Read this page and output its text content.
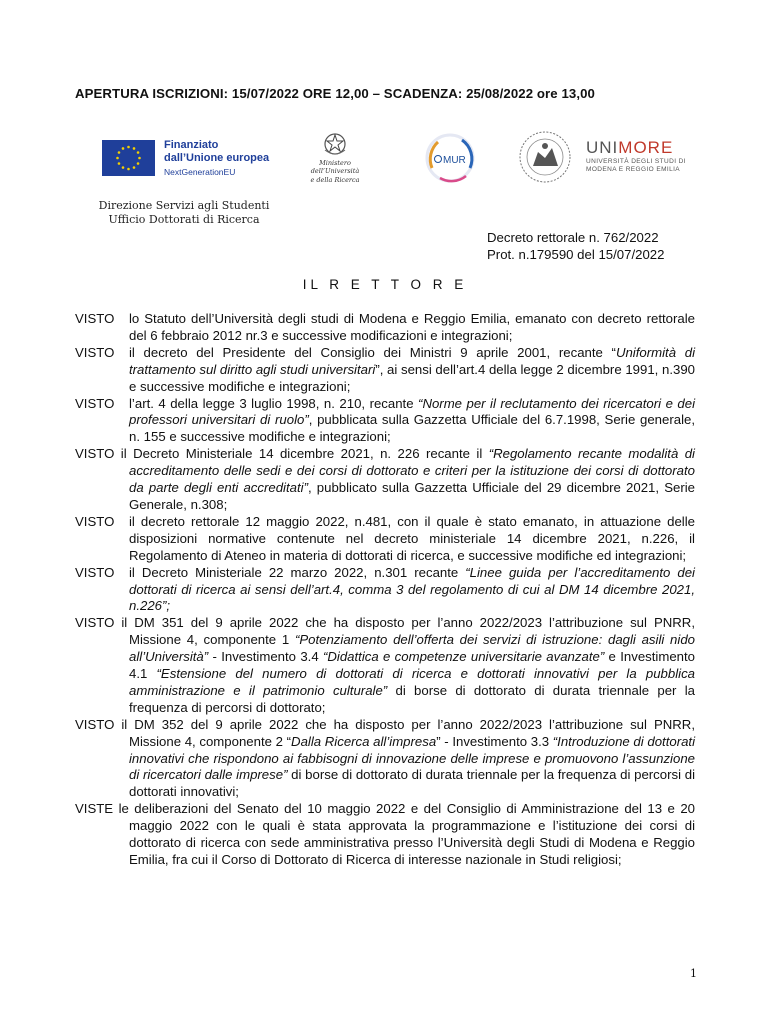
APERTURA ISCRIZIONI: 15/07/2022 ORE 12,00 – SCADENZA: 25/08/2022 ore 13,00
Finanziato
dall’Unione europea
NextGenerationEU
Ministero dell’Università
e della Ricerca
MUR
UNIMORE
UNIVERSITÀ DEGLI STUDI DI
MODENA E REGGIO EMILIA
Direzione Servizi agli Studenti
Ufficio Dottorati di Ricerca
Decreto rettorale n. 762/2022
Prot. n.179590 del 15/07/2022
IL R E T T O R E

VISTO lo Statuto dell’Università degli studi di Modena e Reggio Emilia, emanato con decreto rettorale del 6 febbraio 2012 nr.3 e successive modificazioni e integrazioni;

VISTO il decreto del Presidente del Consiglio dei Ministri 9 aprile 2001, recante “Uniformità di trattamento sul diritto agli studi universitari”, ai sensi dell’art.4 della legge 2 dicembre 1991, n.390 e successive modifiche e integrazioni;

VISTO l’art. 4 della legge 3 luglio 1998, n. 210, recante “Norme per il reclutamento dei ricercatori e dei professori universitari di ruolo”, pubblicata sulla Gazzetta Ufficiale del 6.7.1998, Serie generale, n. 155 e successive modifiche e integrazioni;

VISTO il Decreto Ministeriale 14 dicembre 2021, n. 226 recante il “Regolamento recante modalità di accreditamento delle sedi e dei corsi di dottorato e criteri per la istituzione dei corsi di dottorato da parte degli enti accreditati”, pubblicato sulla Gazzetta Ufficiale del 29 dicembre 2021, Serie Generale, n.308;

VISTO il decreto rettorale 12 maggio 2022, n.481, con il quale è stato emanato, in attuazione delle disposizioni normative contenute nel decreto ministeriale 14 dicembre 2021, n.226, il Regolamento di Ateneo in materia di dottorati di ricerca, e successive modifiche ed integrazioni;

VISTO il Decreto Ministeriale 22 marzo 2022, n.301 recante “Linee guida per l’accreditamento dei dottorati di ricerca ai sensi dell’art.4, comma 3 del regolamento di cui al DM 14 dicembre 2021, n.226”;

VISTO il DM 351 del 9 aprile 2022 che ha disposto per l’anno 2022/2023 l’attribuzione sul PNRR, Missione 4, componente 1 “Potenziamento dell’offerta dei servizi di istruzione: dagli asili nido all’Università” - Investimento 3.4 “Didattica e competenze universitarie avanzate” e Investimento 4.1 “Estensione del numero di dottorati di ricerca e dottorati innovativi per la pubblica amministrazione e il patrimonio culturale” di borse di dottorato di durata triennale per la frequenza di percorsi di dottorato;

VISTO il DM 352 del 9 aprile 2022 che ha disposto per l’anno 2022/2023 l’attribuzione sul PNRR, Missione 4, componente 2 “Dalla Ricerca all’impresa” - Investimento 3.3 “Introduzione di dottorati innovativi che rispondono ai fabbisogni di innovazione delle imprese e promuovono l’assunzione di ricercatori dalle imprese” di borse di dottorato di durata triennale per la frequenza di percorsi di dottorati innovativi;

VISTE le deliberazioni del Senato del 10 maggio 2022 e del Consiglio di Amministrazione del 13 e 20 maggio 2022 con le quali è stata approvata la programmazione e l’istituzione dei corsi di dottorato di ricerca con sede amministrativa presso l’Università degli Studi di Modena e Reggio Emilia, fra cui il Corso di Dottorato di Ricerca di interesse nazionale in Studi religiosi;

1
